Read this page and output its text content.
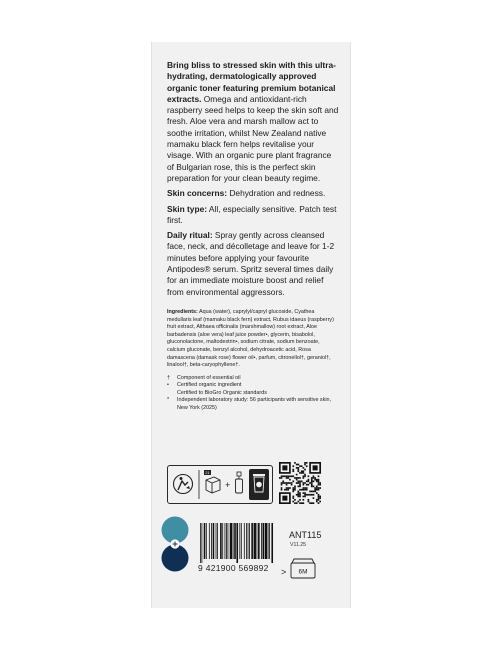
Bring bliss to stressed skin with this ultra-hydrating, dermatologically approved organic toner featuring premium botanical extracts. Omega and antioxidant-rich raspberry seed helps to keep the skin soft and fresh. Aloe vera and marsh mallow act to soothe irritation, whilst New Zealand native mamaku black fern helps revitalise your visage. With an organic pure plant fragrance of Bulgarian rose, this is the perfect skin preparation for your clean beauty regime.

Skin concerns: Dehydration and redness.

Skin type: All, especially sensitive. Patch test first.

Daily ritual: Spray gently across cleansed face, neck, and décolletage and leave for 1-2 minutes before applying your favourite Antipodes® serum. Spritz several times daily for an immediate moisture boost and relief from environmental aggressors.

Ingredients: Aqua (water), caprylyl/capryl glucoside, Cyathea medullaris leaf (mamaku black fern) extract, Rubus idaeus (raspberry) fruit extract, Althaea officinalis (marshmallow) root extract, Aloe barbadensis (aloe vera) leaf juice powder•, glycerin, bisabolol, gluconolactone, maltodextrin•, sodium citrate, sodium benzoate, calcium gluconate, benzyl alcohol, dehydroacetic acid, Rosa damascena (damask rose) flower oil•, parfum, citronellol†, geraniol†, linalool†, beta-caryophyllene†.

†	Component of essential oil
•	Certified organic ingredient
Certified to BioGro Organic standards
*	Independent laboratory study: 56 participants with sensitive skin, New York (2025)
21
+
9 421900 569892 >
ANT115
V11.25
6M
